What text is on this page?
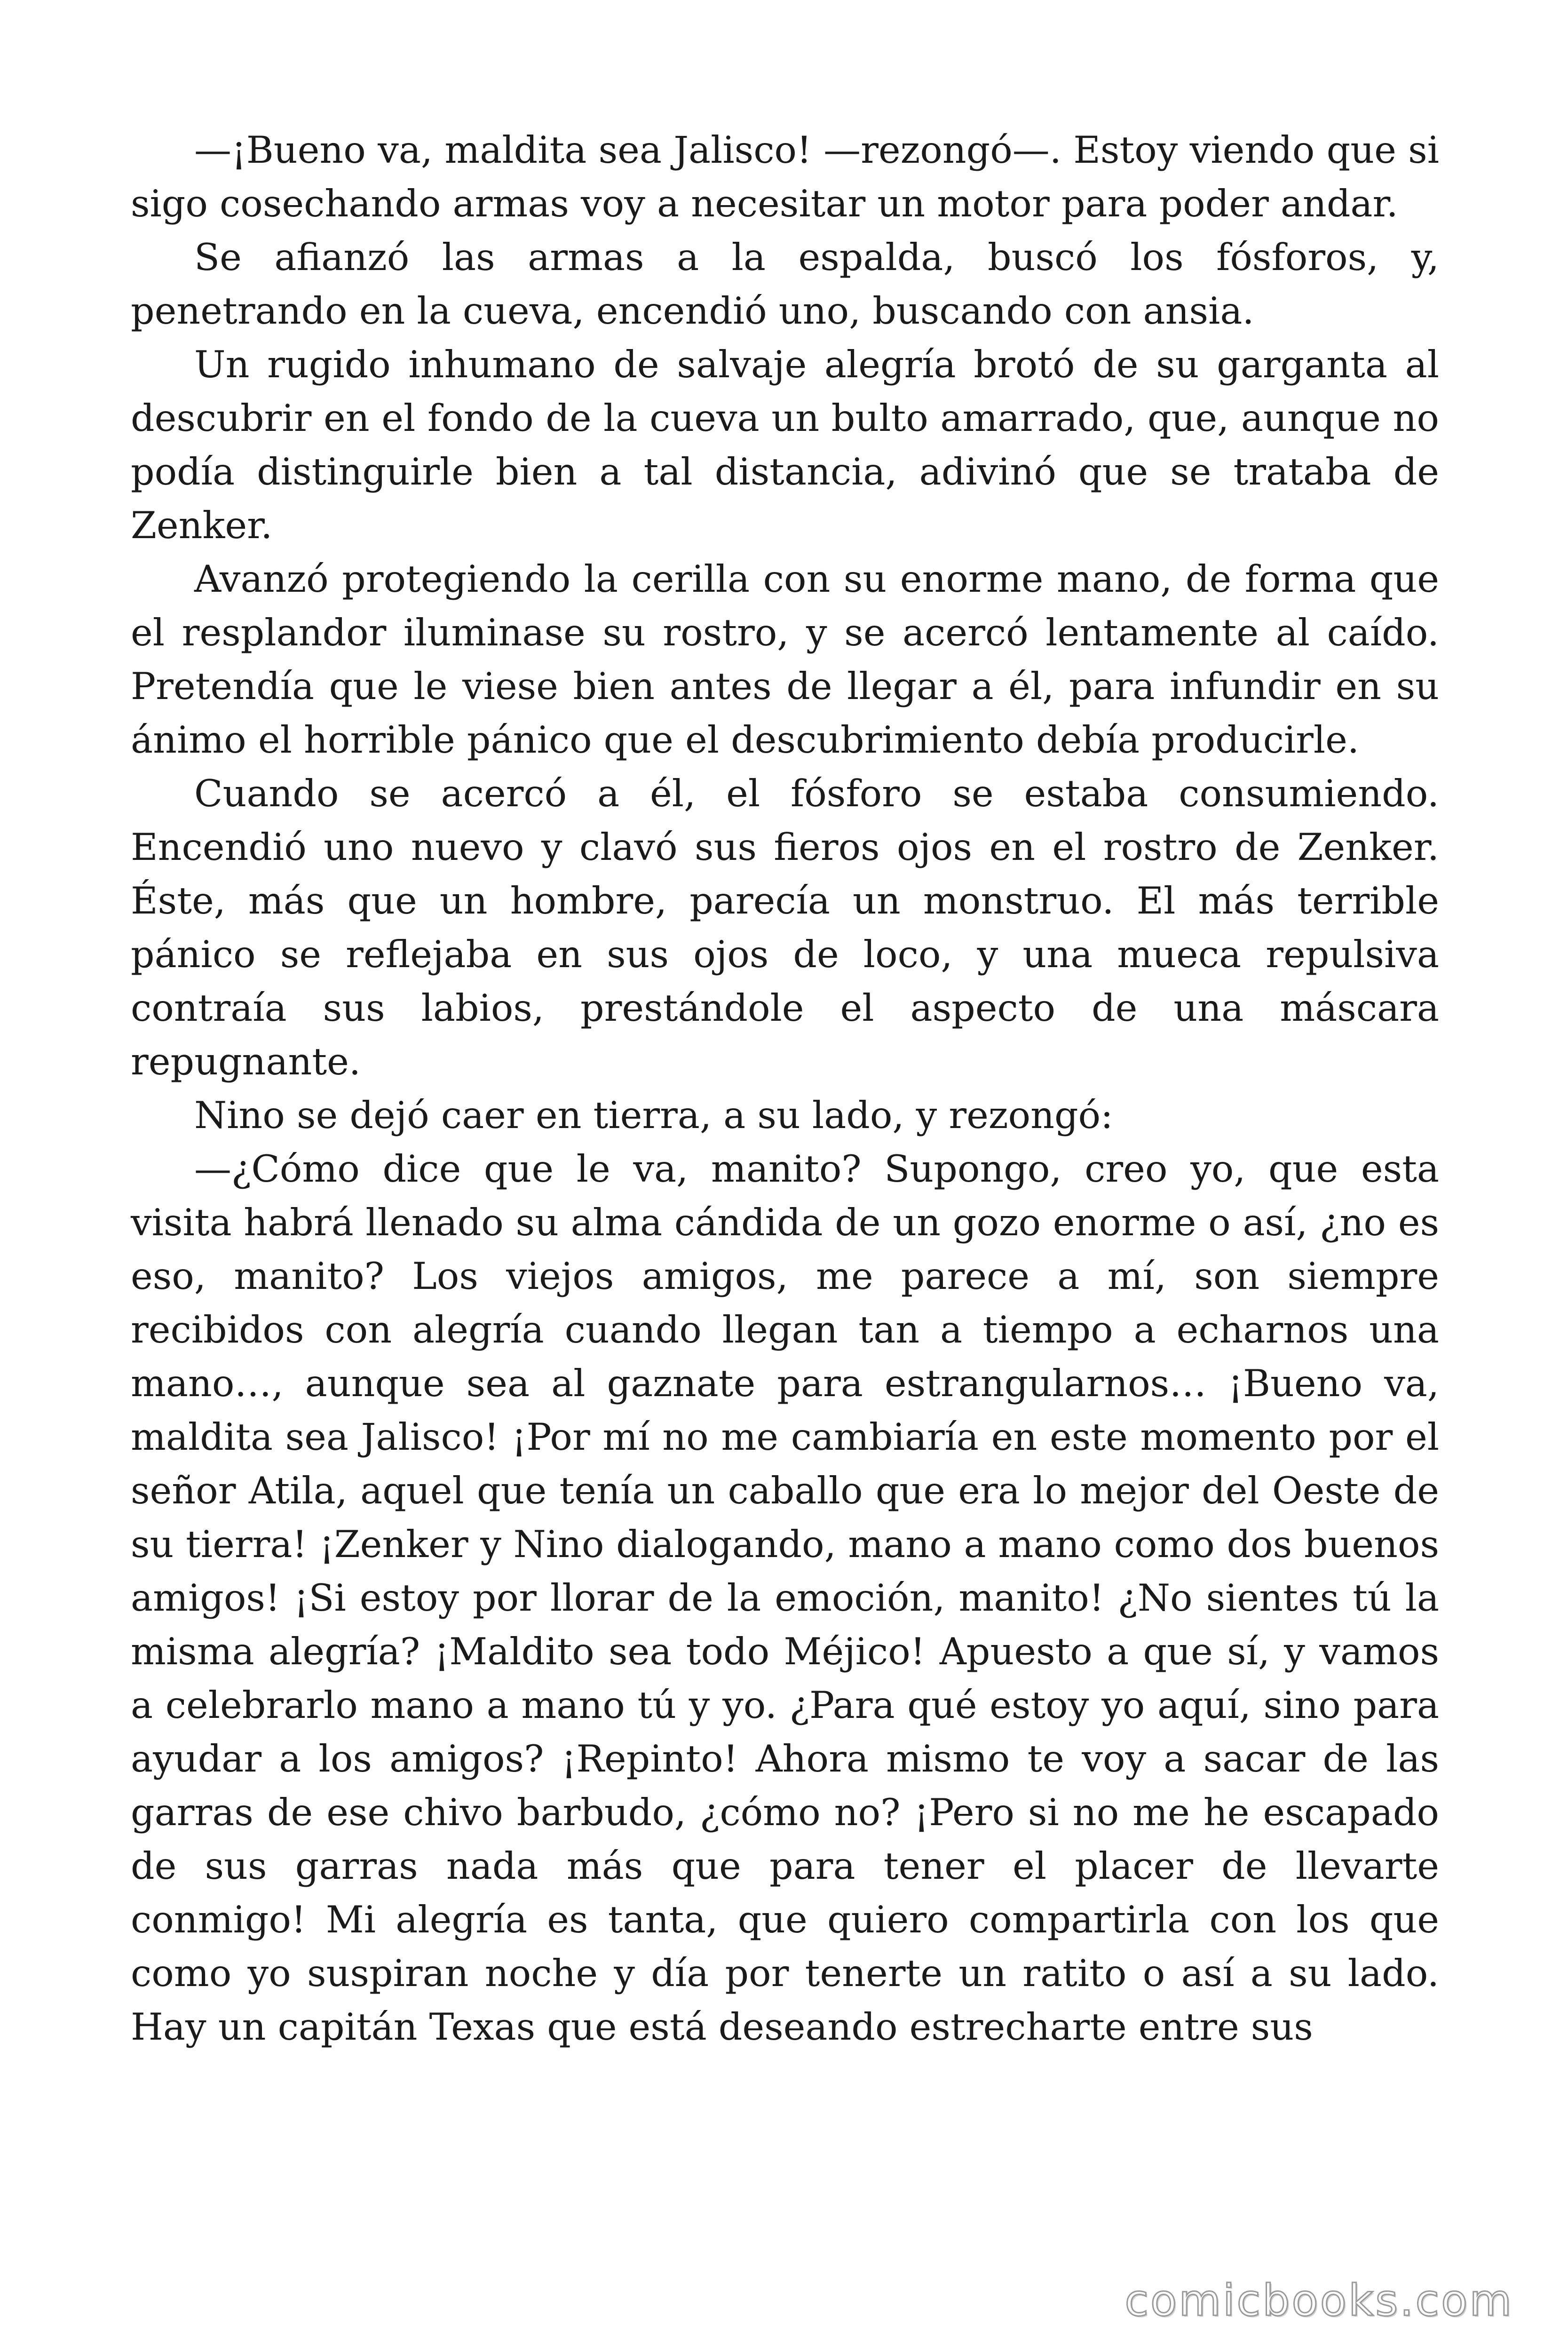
—¡Bueno va, maldita sea Jalisco! —rezongó—. Estoy viendo que si sigo cosechando armas voy a necesitar un motor para poder andar.

Se afianzó las armas a la espalda, buscó los fósforos, y, penetrando en la cueva, encendió uno, buscando con ansia.

Un rugido inhumano de salvaje alegría brotó de su garganta al descubrir en el fondo de la cueva un bulto amarrado, que, aunque no podía distinguirle bien a tal distancia, adivinó que se trataba de Zenker.

Avanzó protegiendo la cerilla con su enorme mano, de forma que el resplandor iluminase su rostro, y se acercó lentamente al caído. Pretendía que le viese bien antes de llegar a él, para infundir en su ánimo el horrible pánico que el descubrimiento debía producirle.

Cuando se acercó a él, el fósforo se estaba consumiendo. Encendió uno nuevo y clavó sus fieros ojos en el rostro de Zenker. Éste, más que un hombre, parecía un monstruo. El más terrible pánico se reflejaba en sus ojos de loco, y una mueca repulsiva contraía sus labios, prestándole el aspecto de una máscara repugnante.

Nino se dejó caer en tierra, a su lado, y rezongó:

—¿Cómo dice que le va, manito? Supongo, creo yo, que esta visita habrá llenado su alma cándida de un gozo enorme o así, ¿no es eso, manito? Los viejos amigos, me parece a mí, son siempre recibidos con alegría cuando llegan tan a tiempo a echarnos una mano…, aunque sea al gaznate para estrangularnos… ¡Bueno va, maldita sea Jalisco! ¡Por mí no me cambiaría en este momento por el señor Atila, aquel que tenía un caballo que era lo mejor del Oeste de su tierra! ¡Zenker y Nino dialogando, mano a mano como dos buenos amigos! ¡Si estoy por llorar de la emoción, manito! ¿No sientes tú la misma alegría? ¡Maldito sea todo Méjico! Apuesto a que sí, y vamos a celebrarlo mano a mano tú y yo. ¿Para qué estoy yo aquí, sino para ayudar a los amigos? ¡Repinto! Ahora mismo te voy a sacar de las garras de ese chivo barbudo, ¿cómo no? ¡Pero si no me he escapado de sus garras nada más que para tener el placer de llevarte conmigo! Mi alegría es tanta, que quiero compartirla con los que como yo suspiran noche y día por tenerte un ratito o así a su lado. Hay un capitán Texas que está deseando estrecharte entre sus

comicbooks.com
